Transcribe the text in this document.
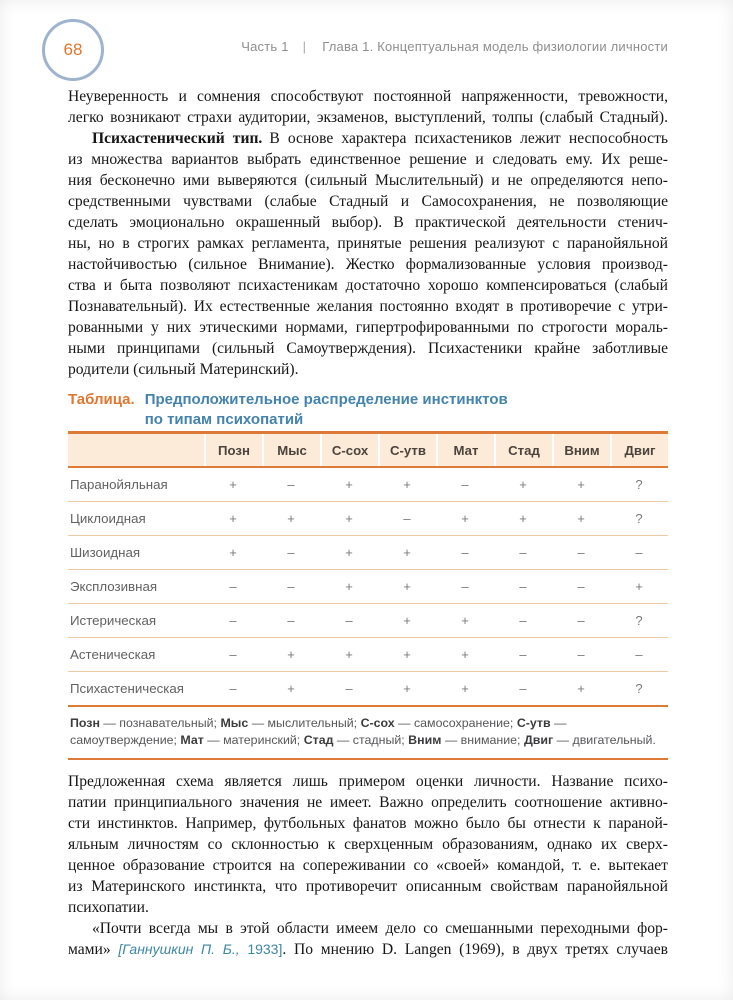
68	Часть 1 | Глава 1. Концептуальная модель физиологии личности
Неуверенность и сомнения способствуют постоянной напряженности, тревожности,
легко возникают страхи аудитории, экзаменов, выступлений, толпы (слабый Стадный).
Психастенический тип. В основе характера психастеников лежит неспособность
из множества вариантов выбрать единственное решение и следовать ему. Их реше-
ния бесконечно ими выверяются (сильный Мыслительный) и не определяются непо-
средственными чувствами (слабые Стадный и Самосохранения, не позволяющие
сделать эмоционально окрашенный выбор). В практической деятельности стенич-
ны, но в строгих рамках регламента, принятые решения реализуют с паранойяльной
настойчивостью (сильное Внимание). Жестко формализованные условия производ-
ства и быта позволяют психастеникам достаточно хорошо компенсироваться (слабый
Познавательный). Их естественные желания постоянно входят в противоречие с утри-
рованными у них этическими нормами, гипертрофированными по строгости мораль-
ными принципами (сильный Самоутверждения). Психастеники крайне заботливые
родители (сильный Материнский).
Таблица. Предположительное распределение инстинктов
по типам психопатий
Позн	Мыс	С-сох	С-утв	Мат	Стад	Вним	Двиг
Паранойяльная	+	–	+	+	–	+	+	?
Циклоидная	+	+	+	–	+	+	+	?
Шизоидная	+	–	+	+	–	–	–	–
Эксплозивная	–	–	+	+	–	–	–	+
Истерическая	–	–	–	+	+	–	–	?
Астеническая	–	+	+	+	+	–	–	–
Психастеническая	–	+	–	+	+	–	+	?
Позн — познавательный; Мыс — мыслительный; С-сох — самосохранение; С-утв — самоутверждение; Мат — материнский; Стад — стадный; Вним — внимание; Двиг — двигательный.
Предложенная схема является лишь примером оценки личности. Название психо-
патии принципиального значения не имеет. Важно определить соотношение активно-
сти инстинктов. Например, футбольных фанатов можно было бы отнести к параной-
яльным личностям со склонностью к сверхценным образованиям, однако их сверх-
ценное образование строится на сопереживании со «своей» командой, т. е. вытекает
из Материнского инстинкта, что противоречит описанным свойствам паранойяльной
психопатии.
«Почти всегда мы в этой области имеем дело со смешанными переходными фор-
мами» [Ганнушкин П. Б., 1933]. По мнению D. Langen (1969), в двух третях случаев
